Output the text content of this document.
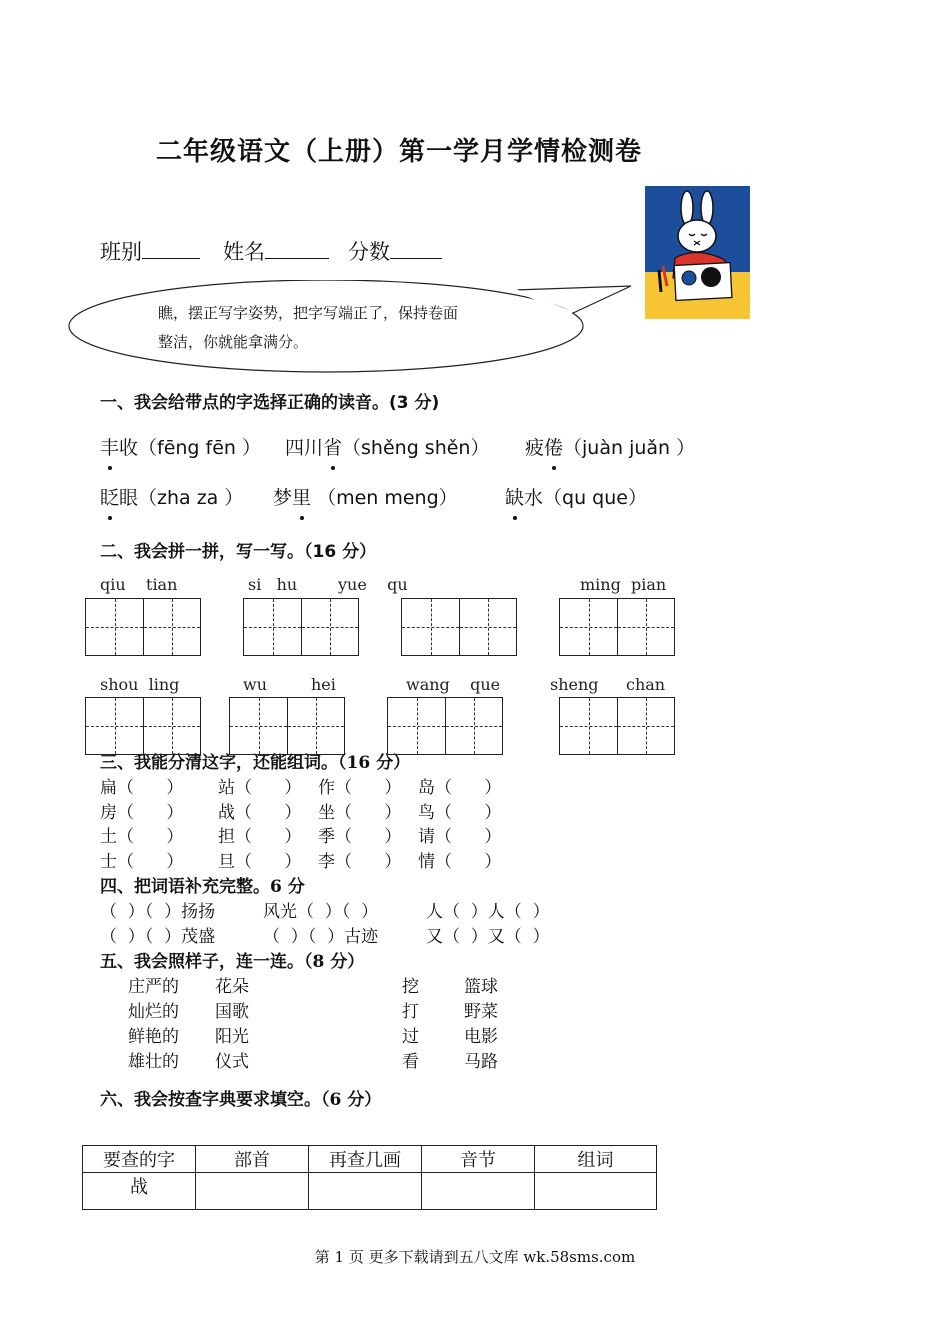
二年级语文（上册）第一学月学情检测卷
班别	姓名	分数
瞧，摆正写字姿势，把字写端正了，保持卷面
整洁，你就能拿满分。
一、我会给带点的字选择正确的读音。(3 分)
丰收（fēng fēn ） 四川省（shěng shěn） 疲倦（juàn juǎn ）
眨眼（zha za ） 梦里 （men meng） 缺水（qu que）
二、我会拼一拼，写一写。（16 分）
qiu    tian	si   hu	yue    qu	ming  pian
shou  ling	wu	hei	wang    que	sheng chan
三、我能分清这字，还能组词。（16 分）
扁（      ） 站（      ） 作（      ） 岛（      ）
房（      ） 战（      ） 坐（      ） 鸟（      ）
土（      ） 担（      ） 季（      ） 请（      ）
士（      ） 旦（      ） 李（      ） 情（      ）
四、把词语补充完整。6 分
（  ）（  ）扬扬	风光（  ）（  ）	人（  ）人（  ）
（  ）（  ）茂盛	（  ）（  ）古迹	又（  ）又（  ）
五、我会照样子，连一连。（8 分）
庄严的 花朵	挖	篮球
灿烂的 国歌	打	野菜
鲜艳的 阳光	过	电影
雄壮的 仪式	看	马路
六、我会按查字典要求填空。（6 分）
要查的字	部首	再查几画	音节	组词
战				
第 1 页 更多下载请到五八文库 wk.58sms.com
